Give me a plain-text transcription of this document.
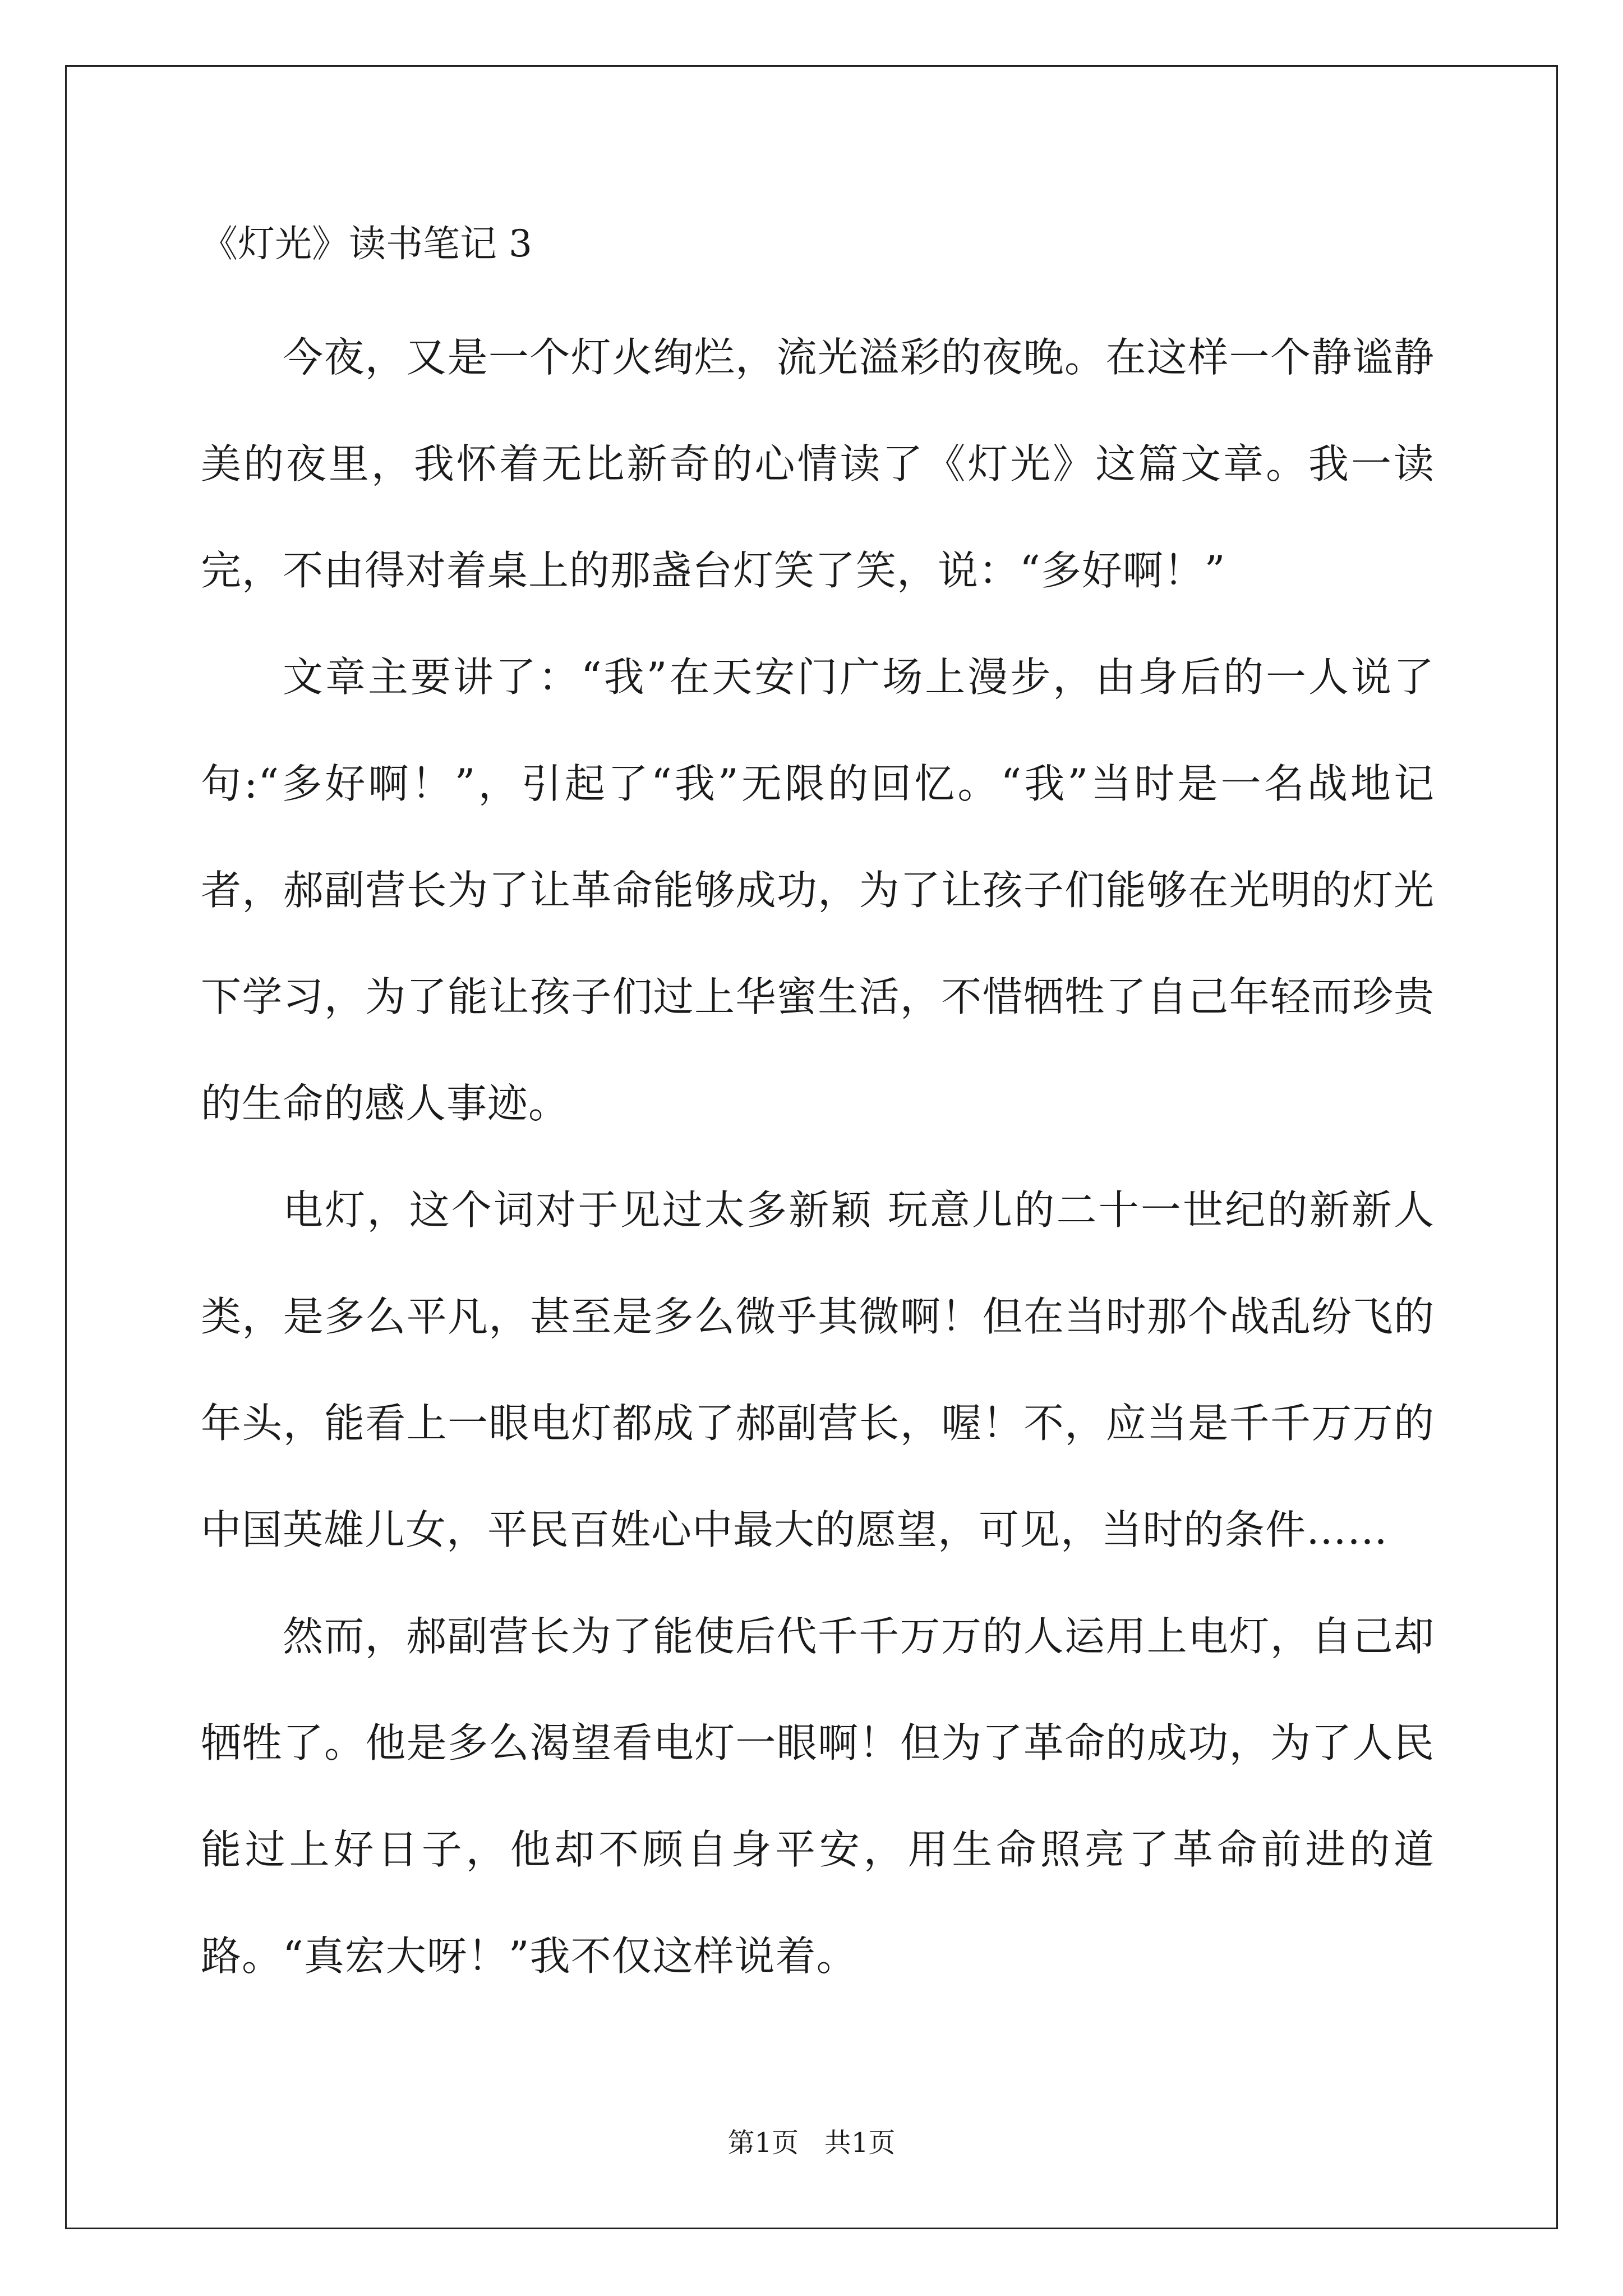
《灯光》读书笔记 3

今夜，又是一个灯火绚烂，流光溢彩的夜晚。在这样一个静谧静美的夜里，我怀着无比新奇的心情读了《灯光》这篇文章。我一读完，不由得对着桌上的那盏台灯笑了笑，说：“多好啊！”

文章主要讲了：“我”在天安门广场上漫步，由身后的一人说了句:“多好啊！”，引起了“我”无限的回忆。“我”当时是一名战地记者，郝副营长为了让革命能够成功，为了让孩子们能够在光明的灯光下学习，为了能让孩子们过上华蜜生活，不惜牺牲了自己年轻而珍贵的生命的感人事迹。

电灯，这个词对于见过太多新颖 玩意儿的二十一世纪的新新人类，是多么平凡，甚至是多么微乎其微啊！但在当时那个战乱纷飞的年头，能看上一眼电灯都成了郝副营长，喔！不，应当是千千万万的中国英雄儿女，平民百姓心中最大的愿望，可见，当时的条件……

然而，郝副营长为了能使后代千千万万的人运用上电灯，自己却牺牲了。他是多么渴望看电灯一眼啊！但为了革命的成功，为了人民能过上好日子，他却不顾自身平安，用生命照亮了革命前进的道路。“真宏大呀！”我不仅这样说着。

第1页   共1页
